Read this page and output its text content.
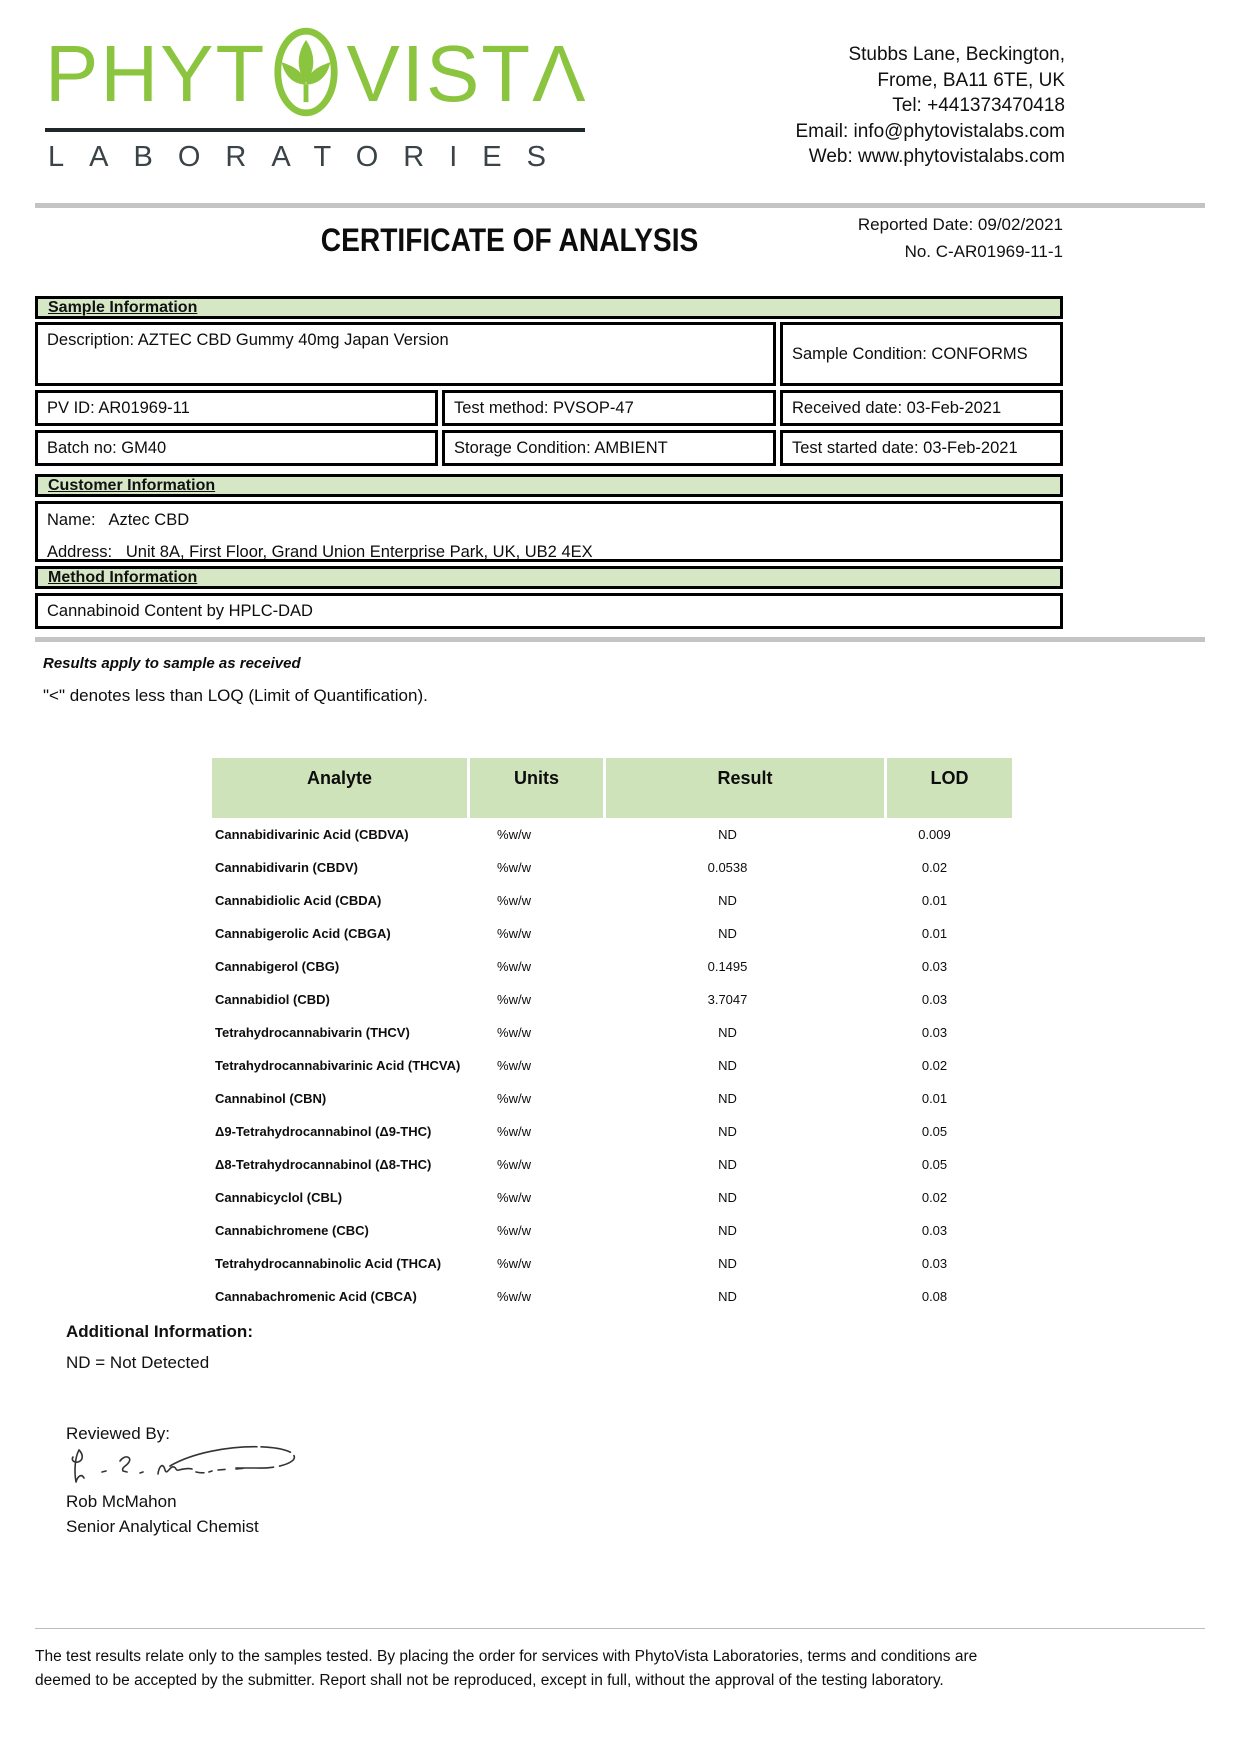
PHYT VIST Λ
LABORATORIES
Stubbs Lane, Beckington,
Frome, BA11 6TE, UK
Tel: +441373470418
Email: info@phytovistalabs.com
Web: www.phytovistalabs.com
Reported Date: 09/02/2021
No. C-AR01969-11-1
CERTIFICATE OF ANALYSIS
Sample Information
Description: AZTEC CBD Gummy 40mg Japan Version
Sample Condition: CONFORMS
PV ID: AR01969-11	Test method: PVSOP-47	Received date: 03-Feb-2021
Batch no: GM40	Storage Condition: AMBIENT	Test started date: 03-Feb-2021
Customer Information
Name:   Aztec CBD
Address:   Unit 8A, First Floor, Grand Union Enterprise Park, UK, UB2 4EX
Method Information
Cannabinoid Content by HPLC-DAD
Results apply to sample as received
"<" denotes less than LOQ (Limit of Quantification).
Analyte	Units	Result	LOD
Cannabidivarinic Acid (CBDVA)	%w/w	ND	0.009
Cannabidivarin (CBDV)	%w/w	0.0538	0.02
Cannabidiolic Acid (CBDA)	%w/w	ND	0.01
Cannabigerolic Acid (CBGA)	%w/w	ND	0.01
Cannabigerol (CBG)	%w/w	0.1495	0.03
Cannabidiol (CBD)	%w/w	3.7047	0.03
Tetrahydrocannabivarin (THCV)	%w/w	ND	0.03
Tetrahydrocannabivarinic Acid (THCVA)	%w/w	ND	0.02
Cannabinol (CBN)	%w/w	ND	0.01
Δ9-Tetrahydrocannabinol (Δ9-THC)	%w/w	ND	0.05
Δ8-Tetrahydrocannabinol (Δ8-THC)	%w/w	ND	0.05
Cannabicyclol (CBL)	%w/w	ND	0.02
Cannabichromene (CBC)	%w/w	ND	0.03
Tetrahydrocannabinolic Acid (THCA)	%w/w	ND	0.03
Cannabachromenic Acid (CBCA)	%w/w	ND	0.08
Additional Information:
ND = Not Detected
Reviewed By:
Rob McMahon
Senior Analytical Chemist
The test results relate only to the samples tested. By placing the order for services with PhytoVista Laboratories, terms and conditions are
deemed to be accepted by the submitter. Report shall not be reproduced, except in full, without the approval of the testing laboratory.
